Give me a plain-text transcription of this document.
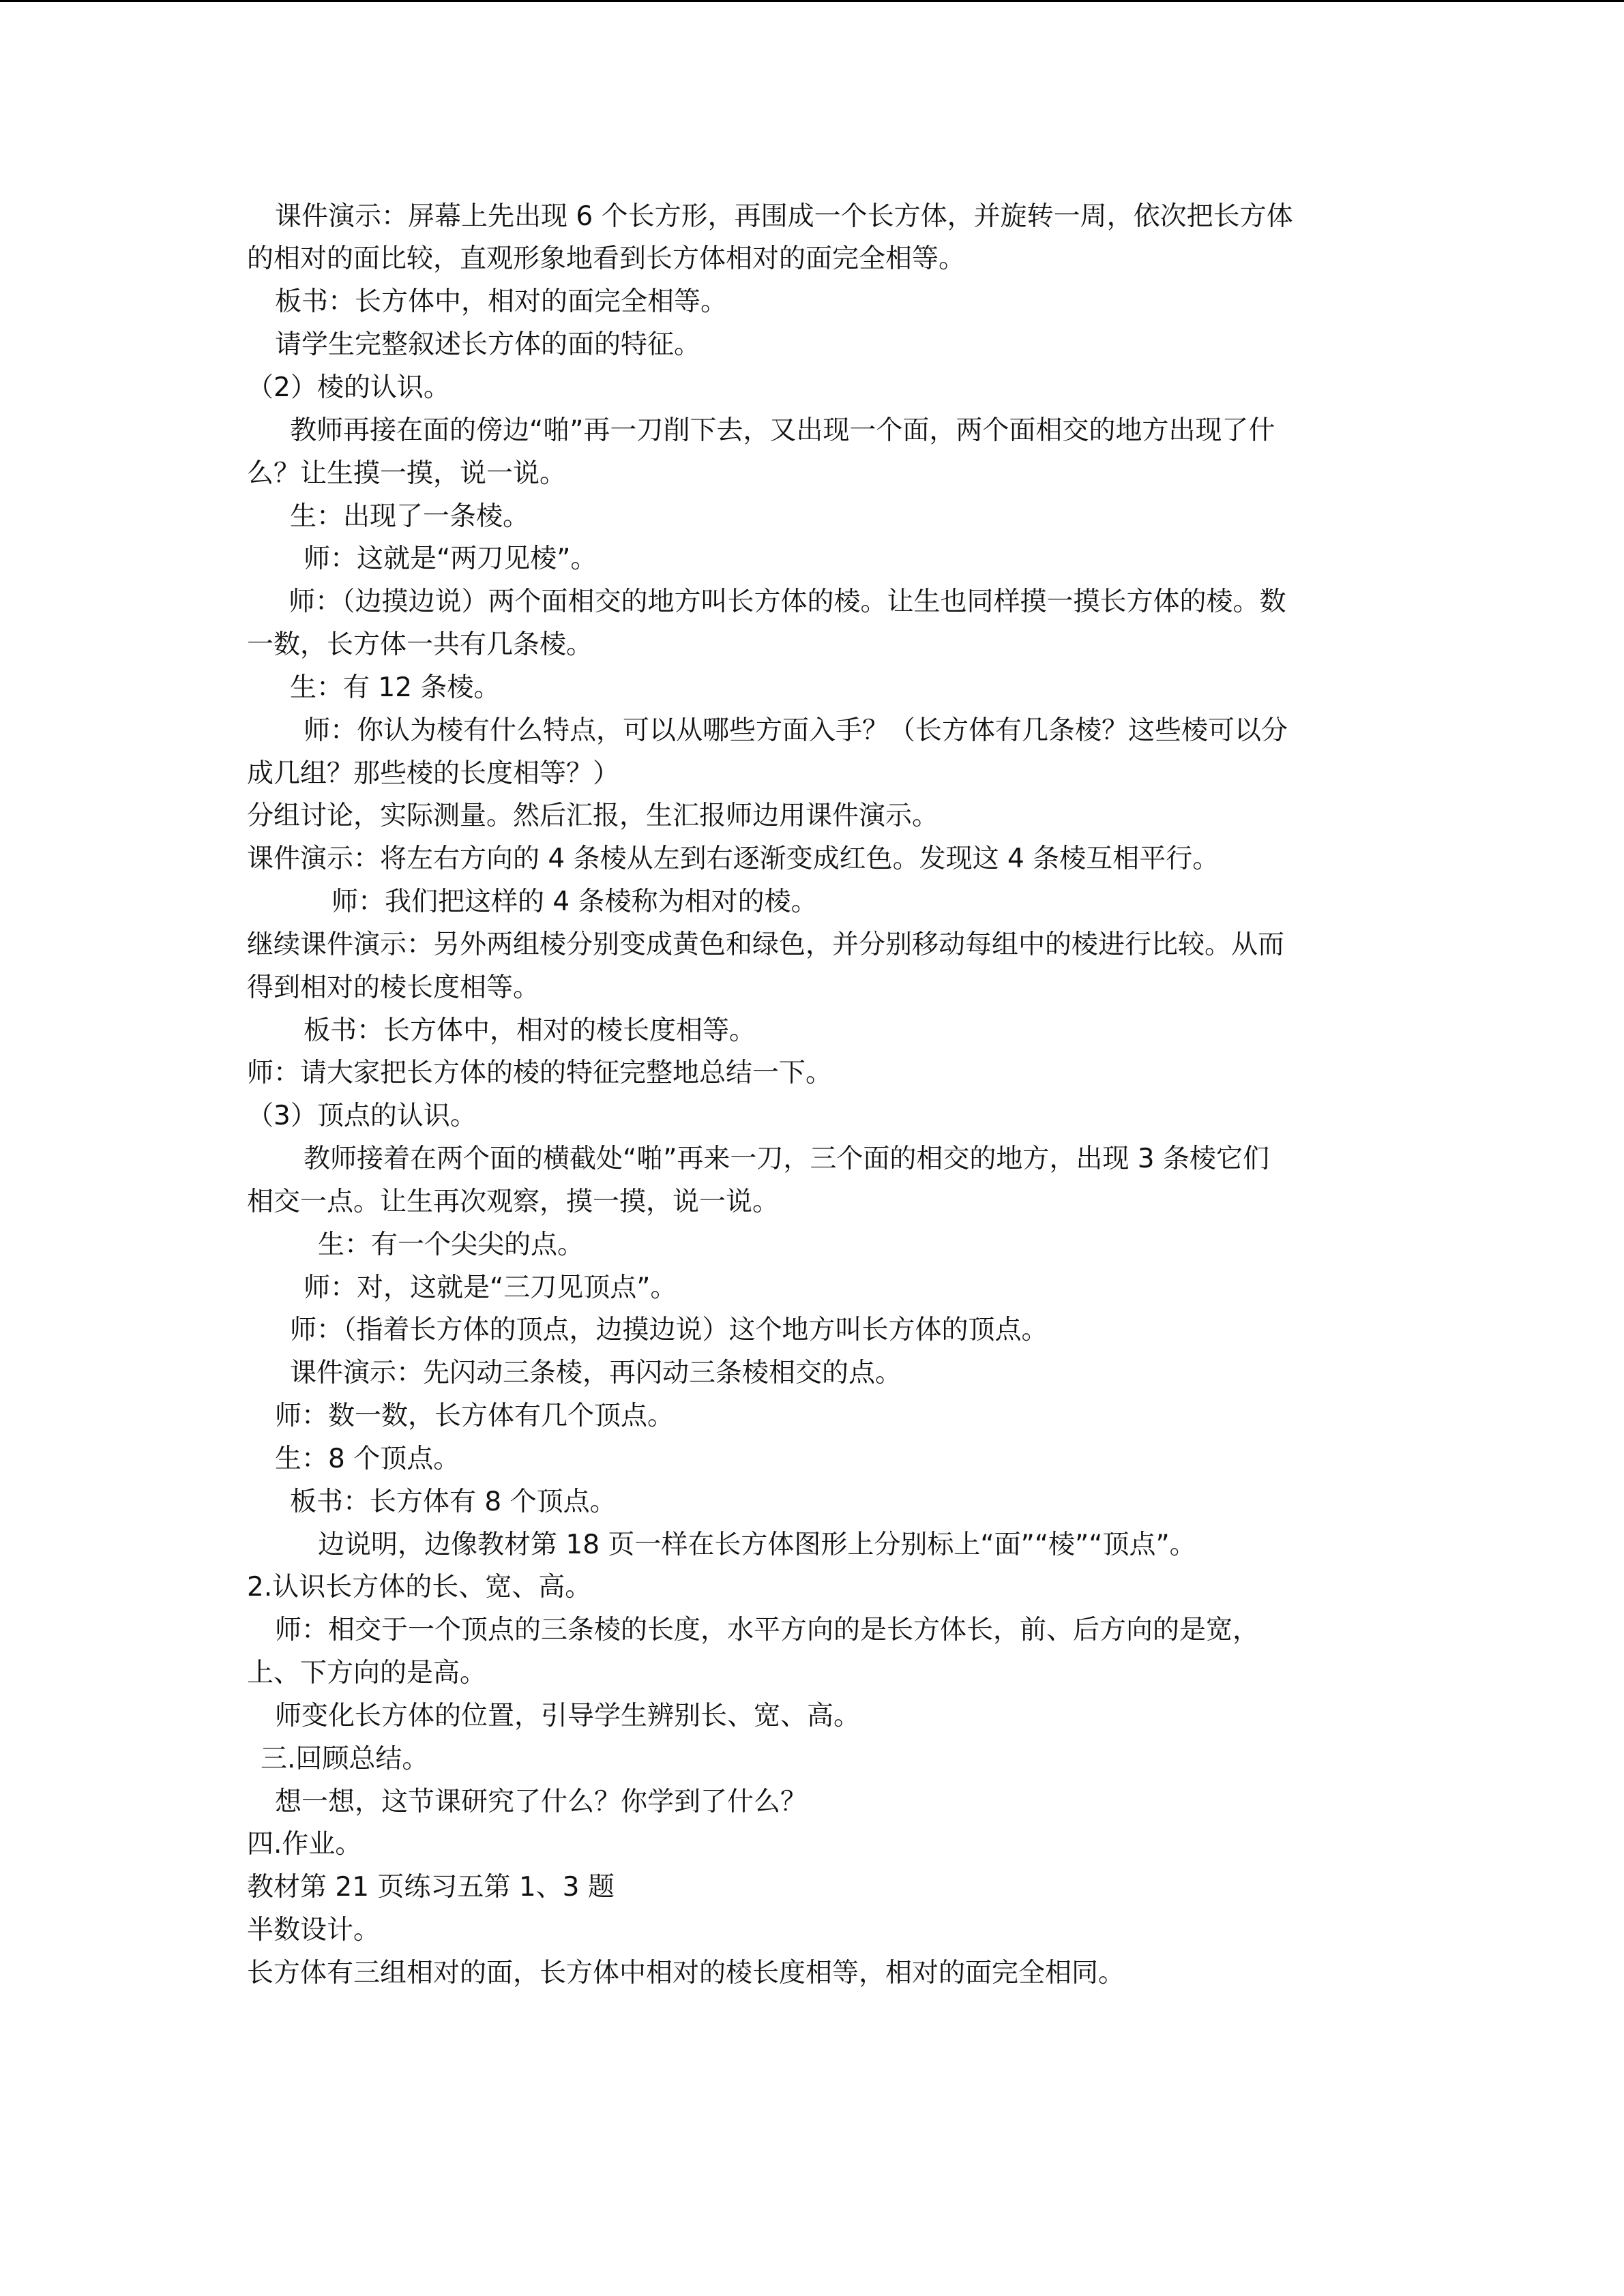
课件演示：屏幕上先出现 6 个长方形，再围成一个长方体，并旋转一周，依次把长方体
的相对的面比较，直观形象地看到长方体相对的面完全相等。
板书：长方体中，相对的面完全相等。
请学生完整叙述长方体的面的特征。
（2）棱的认识。
教师再接在面的傍边“啪”再一刀削下去，又出现一个面，两个面相交的地方出现了什
么？让生摸一摸，说一说。
生：出现了一条棱。
师：这就是“两刀见棱”。
师：（边摸边说）两个面相交的地方叫长方体的棱。让生也同样摸一摸长方体的棱。数
一数，长方体一共有几条棱。
生：有 12 条棱。
师：你认为棱有什么特点，可以从哪些方面入手？（长方体有几条棱？这些棱可以分
成几组？那些棱的长度相等？）
分组讨论，实际测量。然后汇报，生汇报师边用课件演示。
课件演示：将左右方向的 4 条棱从左到右逐渐变成红色。发现这 4 条棱互相平行。
师：我们把这样的 4 条棱称为相对的棱。
继续课件演示：另外两组棱分别变成黄色和绿色，并分别移动每组中的棱进行比较。从而
得到相对的棱长度相等。
板书：长方体中，相对的棱长度相等。
师：请大家把长方体的棱的特征完整地总结一下。
（3）顶点的认识。
教师接着在两个面的横截处“啪”再来一刀，三个面的相交的地方，出现 3 条棱它们
相交一点。让生再次观察，摸一摸，说一说。
生：有一个尖尖的点。
师：对，这就是“三刀见顶点”。
师：（指着长方体的顶点，边摸边说）这个地方叫长方体的顶点。
课件演示：先闪动三条棱，再闪动三条棱相交的点。
师：数一数，长方体有几个顶点。
生：8 个顶点。
板书：长方体有 8 个顶点。
边说明，边像教材第 18 页一样在长方体图形上分别标上“面”“棱”“顶点”。
2.认识长方体的长、宽、高。
师：相交于一个顶点的三条棱的长度，水平方向的是长方体长，前、后方向的是宽，
上、下方向的是高。
师变化长方体的位置，引导学生辨别长、宽、高。
三.回顾总结。
想一想，这节课研究了什么？你学到了什么？
四.作业。
教材第 21 页练习五第 1、3 题
半数设计。
长方体有三组相对的面，长方体中相对的棱长度相等，相对的面完全相同。
